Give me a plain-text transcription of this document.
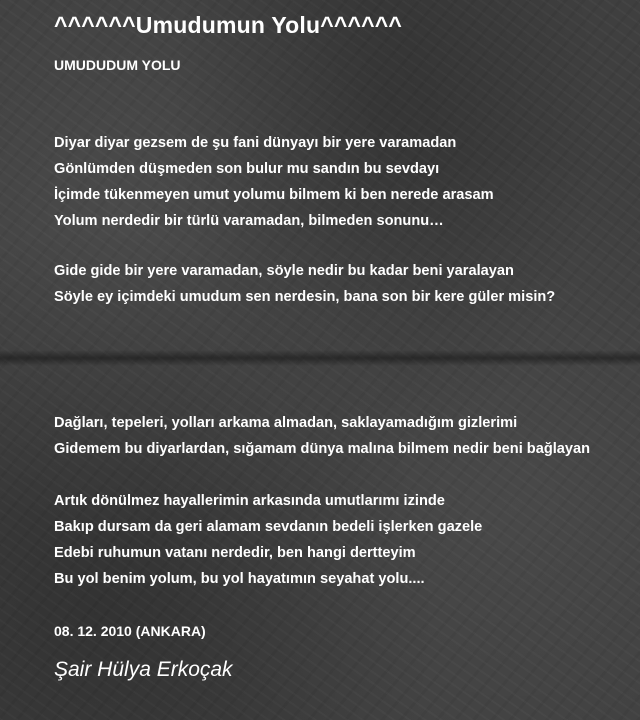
^^^^^^Umudumun Yolu^^^^^^
UMUDUDUM YOLU
Diyar diyar gezsem de şu fani dünyayı bir yere varamadan
Gönlümden düşmeden son bulur mu sandın bu sevdayı
İçimde tükenmeyen umut yolumu bilmem ki ben nerede arasam
Yolum nerdedir bir türlü varamadan, bilmeden sonunu…
Gide gide bir yere varamadan, söyle nedir bu kadar beni yaralayan
Söyle ey içimdeki umudum sen nerdesin, bana son bir kere güler misin?
Dağları, tepeleri, yolları arkama almadan, saklayamadığım gizlerimi
Gidemem bu diyarlardan, sığamam dünya malına bilmem nedir beni bağlayan
Artık dönülmez hayallerimin arkasında umutlarımı izinde
Bakıp dursam da geri alamam sevdanın bedeli işlerken gazele
Edebi ruhumun vatanı nerdedir, ben hangi dertteyim
Bu yol benim yolum, bu yol hayatımın seyahat yolu....
08. 12. 2010 (ANKARA)
Şair Hülya Erkoçak
